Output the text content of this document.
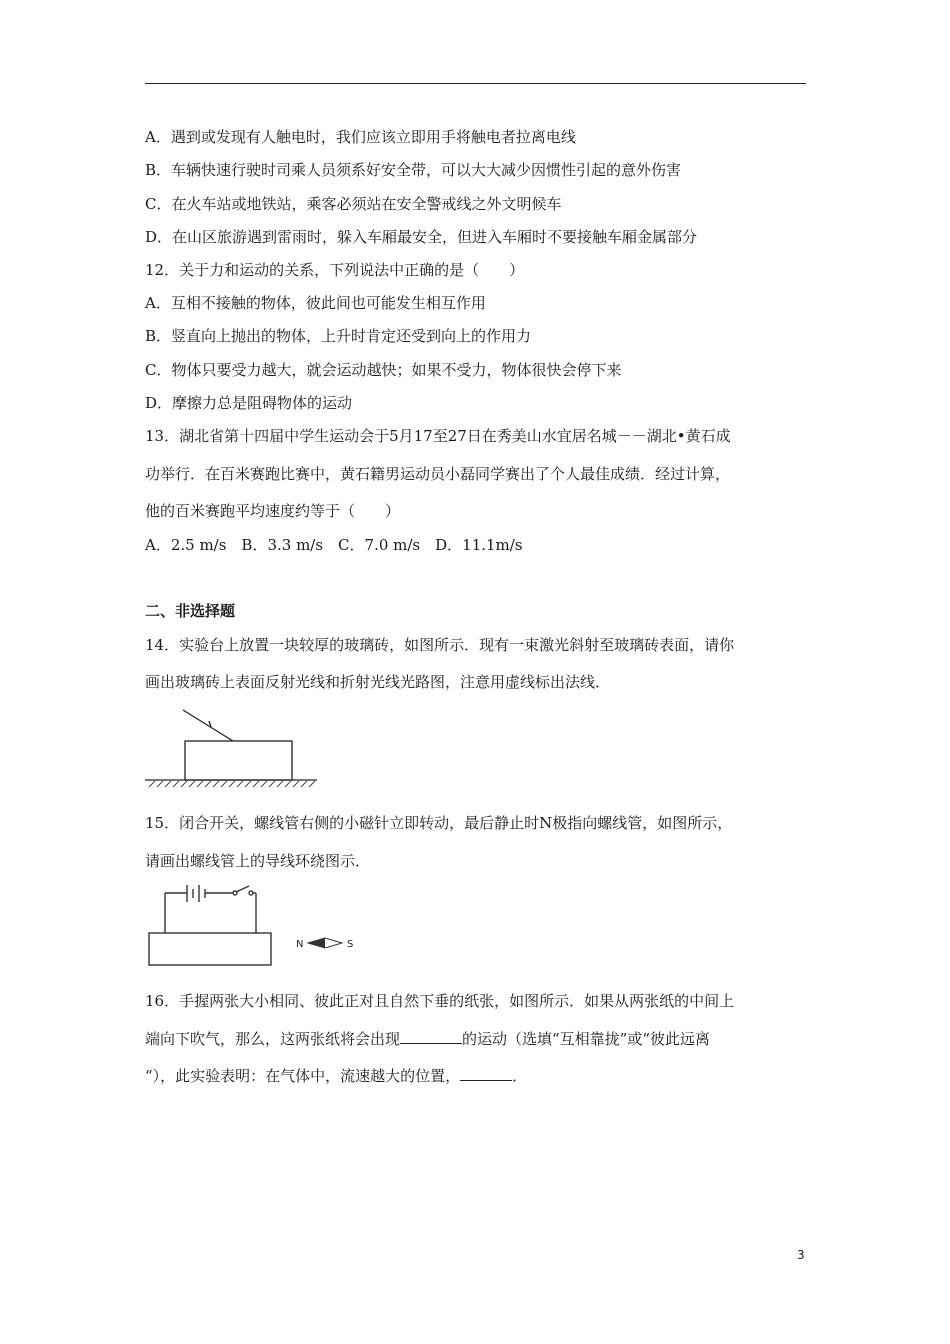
A．遇到或发现有人触电时，我们应该立即用手将触电者拉离电线
B．车辆快速行驶时司乘人员须系好安全带，可以大大减少因惯性引起的意外伤害
C．在火车站或地铁站，乘客必须站在安全警戒线之外文明候车
D．在山区旅游遇到雷雨时，躲入车厢最安全，但进入车厢时不要接触车厢金属部分
12．关于力和运动的关系，下列说法中正确的是（　　）
A．互相不接触的物体，彼此间也可能发生相互作用
B．竖直向上抛出的物体，上升时肯定还受到向上的作用力
C．物体只要受力越大，就会运动越快；如果不受力，物体很快会停下来
D．摩擦力总是阻碍物体的运动
13．湖北省第十四届中学生运动会于5月17至27日在秀美山水宜居名城－－湖北•黄石成
功举行．在百米赛跑比赛中，黄石籍男运动员小磊同学赛出了个人最佳成绩．经过计算，
他的百米赛跑平均速度约等于（　　）
A．2.5 m/s　B．3.3 m/s　C．7.0 m/s　D．11.1m/s
二、非选择题
14．实验台上放置一块较厚的玻璃砖，如图所示．现有一束激光斜射至玻璃砖表面，请你
画出玻璃砖上表面反射光线和折射光线光路图，注意用虚线标出法线．
15．闭合开关，螺线管右侧的小磁针立即转动，最后静止时N极指向螺线管，如图所示，
请画出螺线管上的导线环绕图示．
N	S
16．手握两张大小相同、彼此正对且自然下垂的纸张，如图所示．如果从两张纸的中间上
端向下吹气，那么，这两张纸将会出现	的运动（选填“互相靠拢”或“彼此远离
“），此实验表明：在气体中，流速越大的位置，	．
3
